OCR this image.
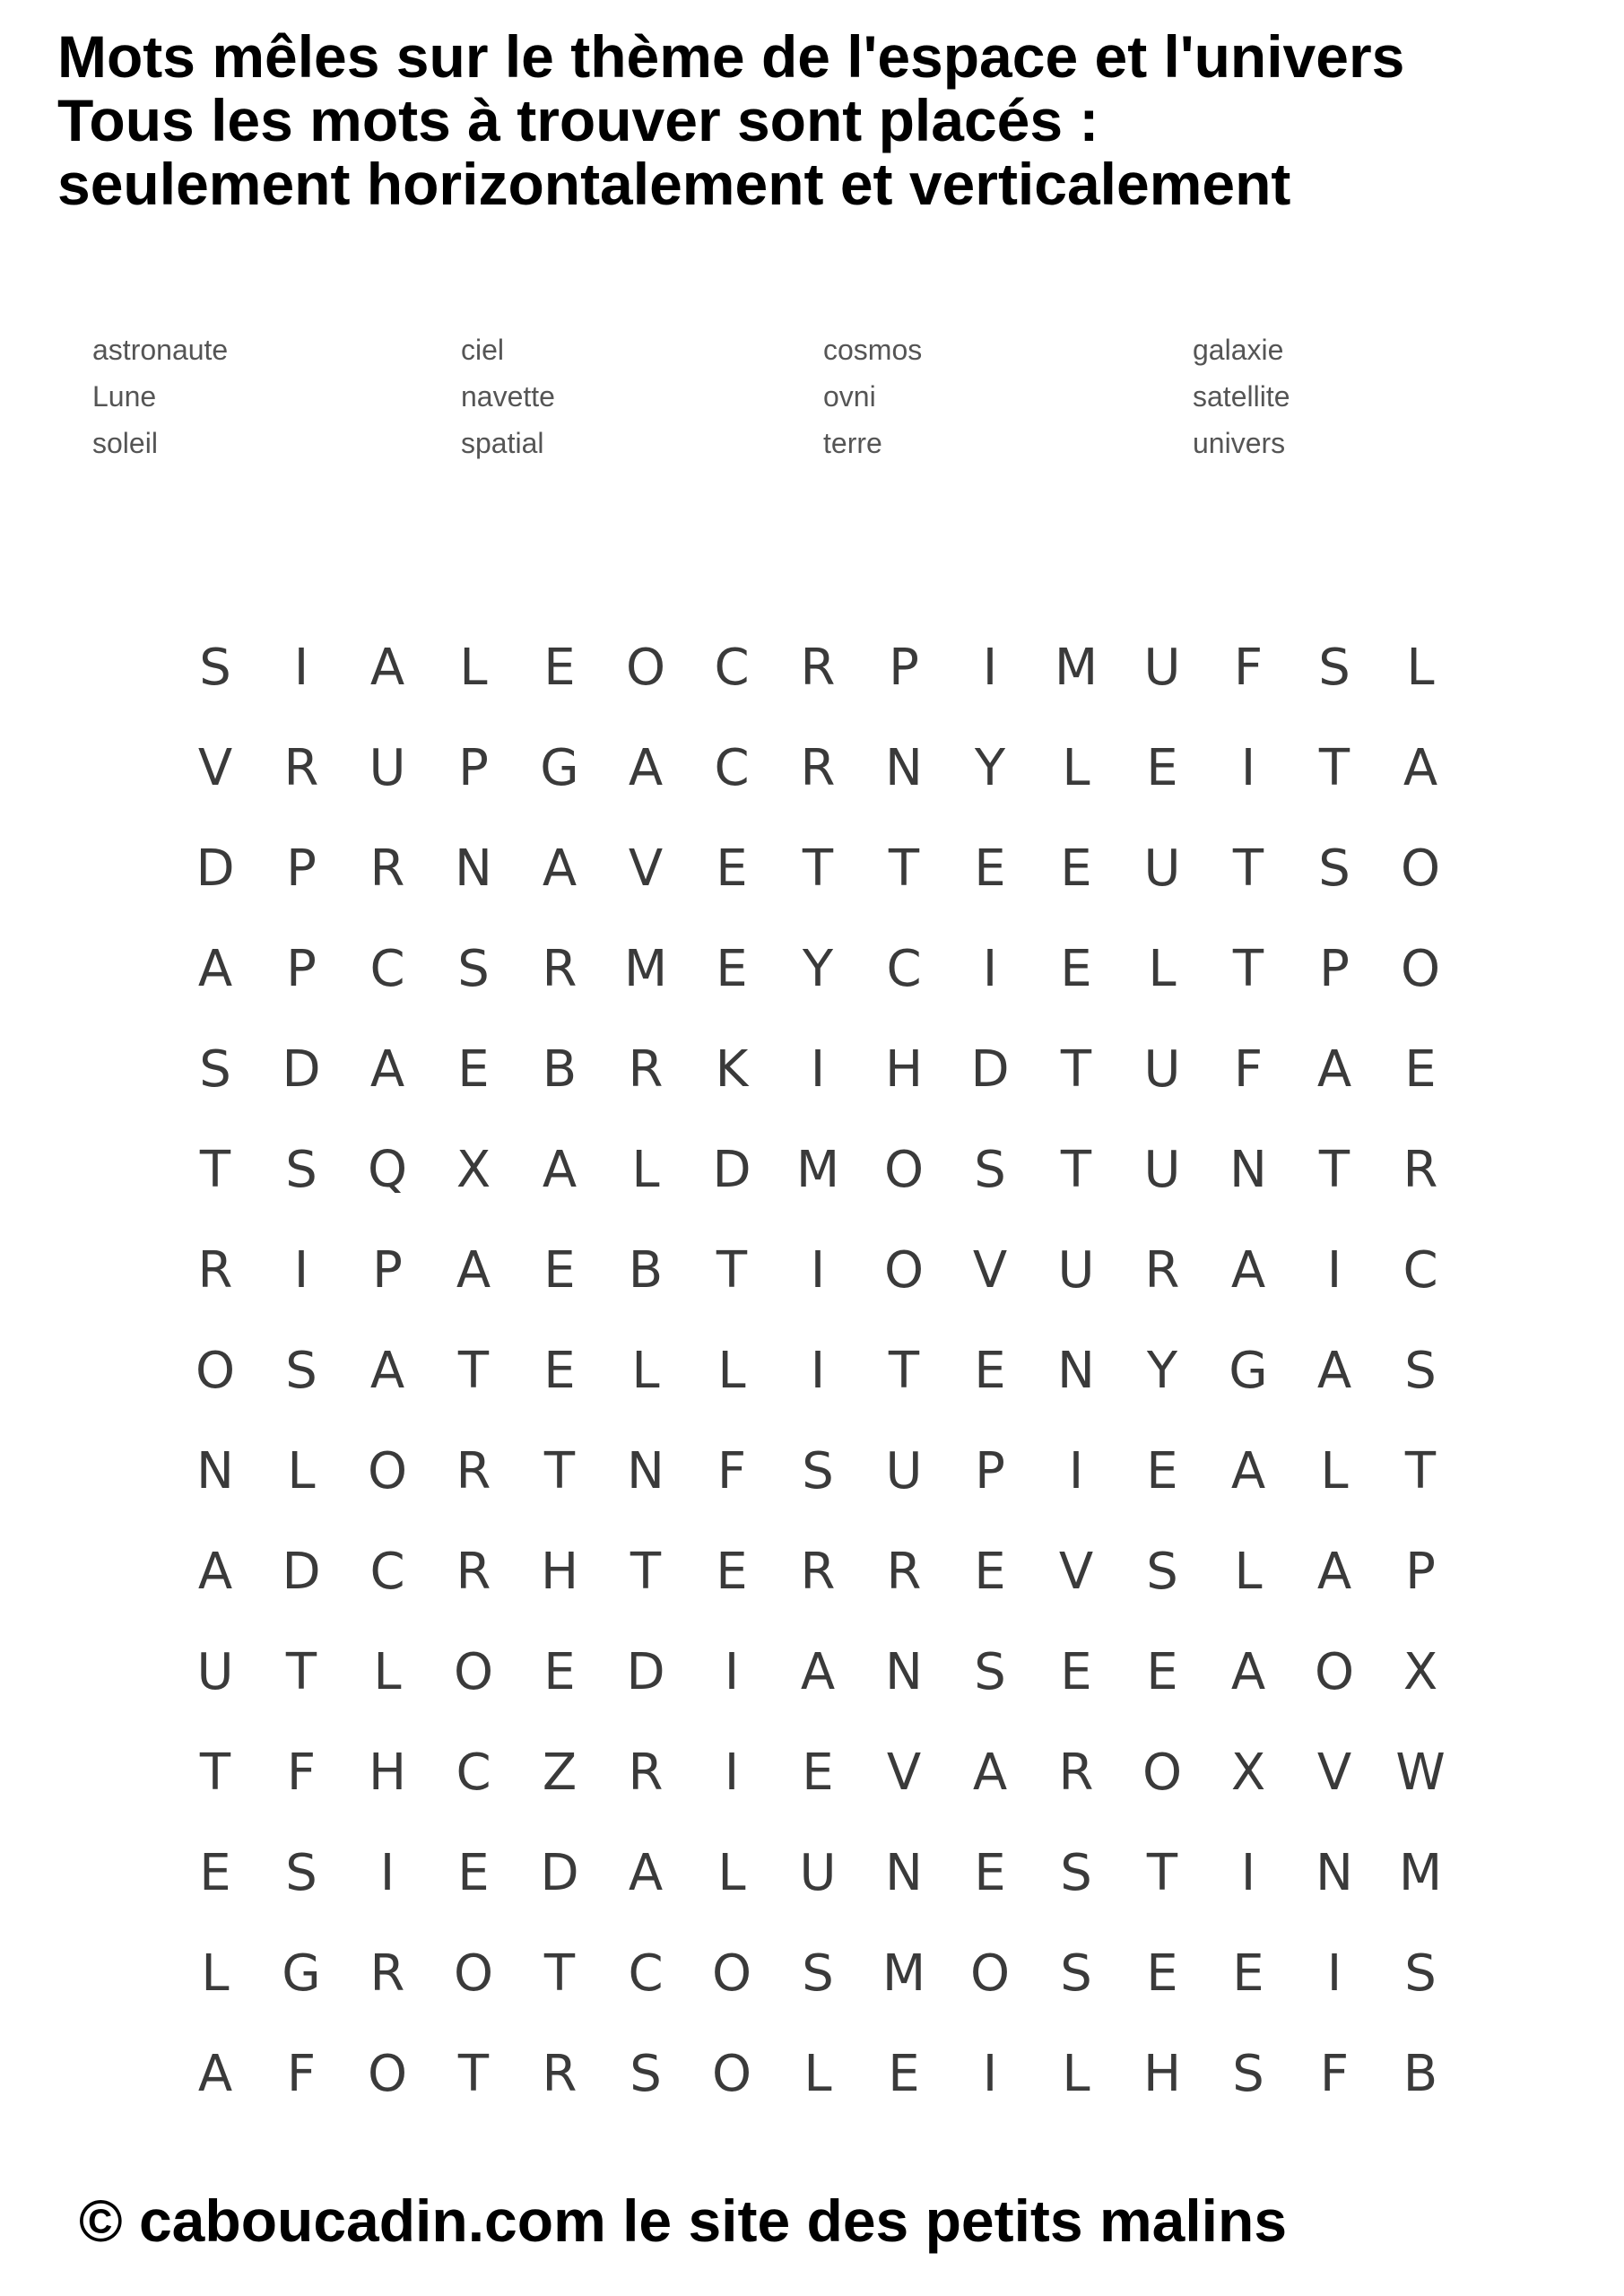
Mots mêles sur le thème de l'espace et l'univers
Tous les mots à trouver sont placés :
seulement horizontalement et verticalement
astronaute	ciel	cosmos	galaxie
Lune	navette	ovni	satellite
soleil	spatial	terre	univers
S	I	A	L	E	O C	R	P	I	M U	F	S	L
V	R	U	P	G A	C	R N	Y	L	E	I	T	A
D	P	R N A	V	E	T	T	E	E	U	T	S	O
A	P	C	S	R M E	Y	C	I	E	L	T	P	O
S	D A	E	B	R	K	I	H D	T	U	F	A	E
T	S	Q X	A	L	D M O	S	T	U N	T	R
R	I	P	A	E	B	T	I	O V	U	R	A	I	C
O	S	A	T	E	L	L	I	T	E	N	Y	G A	S
N	L	O R	T	N	F	S	U	P	I	E	A	L	T
A D C	R H	T	E	R	R	E	V	S	L	A	P
U	T	L	O	E	D	I	A N	S	E	E	A O X
T	F	H C	Z	R	I	E	V	A	R O X	V W
E	S	I	E	D A	L	U N	E	S	T	I	N M
L	G R O	T	C O	S M O	S	E	E	I	S
A	F	O	T	R	S	O	L	E	I	L	H	S	F	B
© caboucadin.com le site des petits malins
